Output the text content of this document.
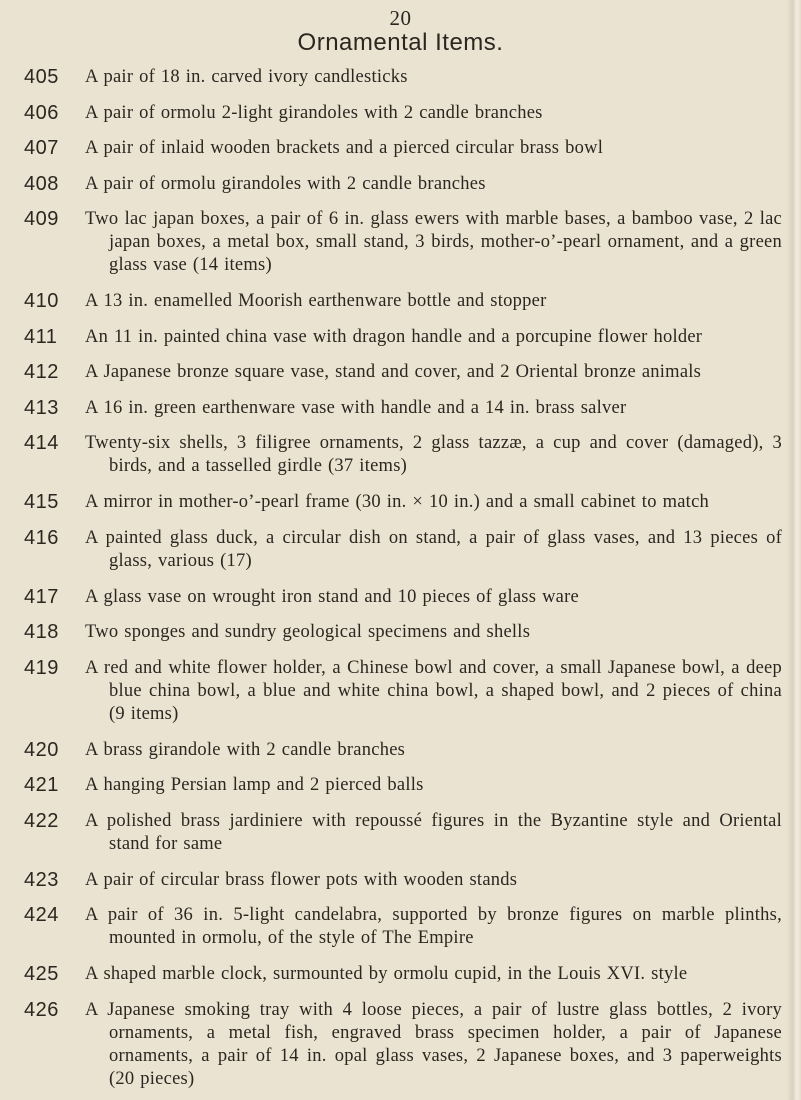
20
Ornamental Items.
405 A pair of 18 in. carved ivory candlesticks
406 A pair of ormolu 2-light girandoles with 2 candle branches
407 A pair of inlaid wooden brackets and a pierced circular brass bowl
408 A pair of ormolu girandoles with 2 candle branches
409 Two lac japan boxes, a pair of 6 in. glass ewers with marble bases, a bamboo vase, 2 lac japan boxes, a metal box, small stand, 3 birds, mother-o’-pearl ornament, and a green glass vase (14 items)
410 A 13 in. enamelled Moorish earthenware bottle and stopper
411 An 11 in. painted china vase with dragon handle and a porcupine flower holder
412 A Japanese bronze square vase, stand and cover, and 2 Oriental bronze animals
413 A 16 in. green earthenware vase with handle and a 14 in. brass salver
414 Twenty-six shells, 3 filigree ornaments, 2 glass tazzæ, a cup and cover (damaged), 3 birds, and a tasselled girdle (37 items)
415 A mirror in mother-o’-pearl frame (30 in. × 10 in.) and a small cabinet to match
416 A painted glass duck, a circular dish on stand, a pair of glass vases, and 13 pieces of glass, various (17)
417 A glass vase on wrought iron stand and 10 pieces of glass ware
418 Two sponges and sundry geological specimens and shells
419 A red and white flower holder, a Chinese bowl and cover, a small Japanese bowl, a deep blue china bowl, a blue and white china bowl, a shaped bowl, and 2 pieces of china (9 items)
420 A brass girandole with 2 candle branches
421 A hanging Persian lamp and 2 pierced balls
422 A polished brass jardiniere with repoussé figures in the Byzantine style and Oriental stand for same
423 A pair of circular brass flower pots with wooden stands
424 A pair of 36 in. 5-light candelabra, supported by bronze figures on marble plinths, mounted in ormolu, of the style of The Empire
425 A shaped marble clock, surmounted by ormolu cupid, in the Louis XVI. style
426 A Japanese smoking tray with 4 loose pieces, a pair of lustre glass bottles, 2 ivory ornaments, a metal fish, engraved brass specimen holder, a pair of Japanese ornaments, a pair of 14 in. opal glass vases, 2 Japanese boxes, and 3 paperweights (20 pieces)
